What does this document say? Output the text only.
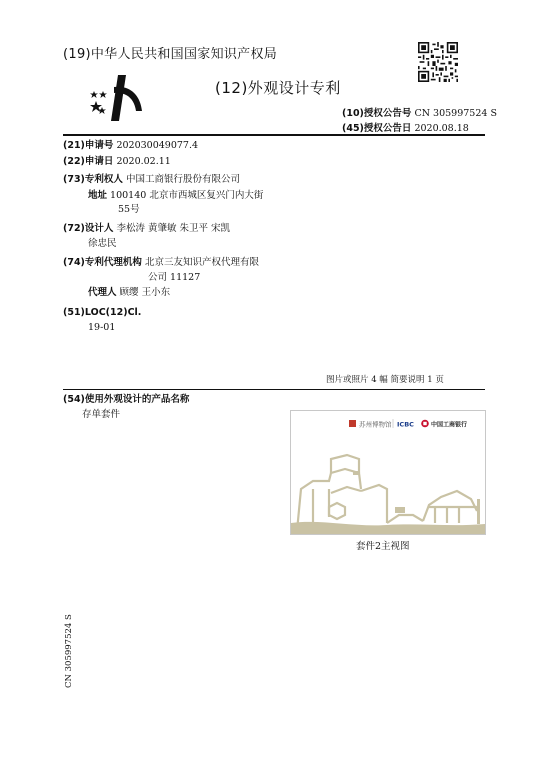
(19)中华人民共和国国家知识产权局
(12)外观设计专利
(10)授权公告号 CN 305997524 S
(45)授权公告日 2020.08.18
(21)申请号 202030049077.4
(22)申请日 2020.02.11
(73)专利权人 中国工商银行股份有限公司
地址 100140 北京市西城区复兴门内大街
55号
(72)设计人 李松涛 黄肇敏 朱卫平 宋凯
徐忠民
(74)专利代理机构 北京三友知识产权代理有限
公司 11127
代理人 顾缨 王小东
(51)LOC(12)Cl.
19-01
图片或照片 4 幅 简要说明 1 页
(54)使用外观设计的产品名称
存单套件
苏州博物馆 ICBC	中国工商银行
套件2主视图
CN 305997524 S
